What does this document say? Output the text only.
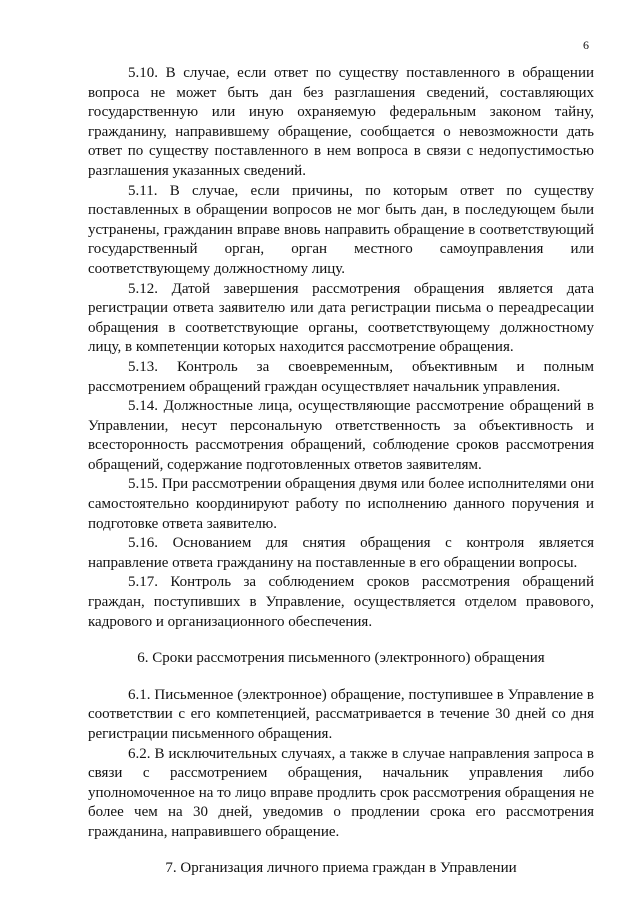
6

5.10. В случае, если ответ по существу поставленного в обращении вопроса не может быть дан без разглашения сведений, составляющих государственную или иную охраняемую федеральным законом тайну, гражданину, направившему обращение, сообщается о невозможности дать ответ по существу поставленного в нем вопроса в связи с недопустимостью разглашения указанных сведений.

5.11. В случае, если причины, по которым ответ по существу поставленных в обращении вопросов не мог быть дан, в последующем были устранены, гражданин вправе вновь направить обращение в соответствующий государственный орган, орган местного самоуправления или соответствующему должностному лицу.

5.12. Датой завершения рассмотрения обращения является дата регистрации ответа заявителю или дата регистрации письма о переадресации обращения в соответствующие органы, соответствующему должностному лицу, в компетенции которых находится рассмотрение обращения.

5.13. Контроль за своевременным, объективным и полным рассмотрением обращений граждан осуществляет начальник управления.

5.14. Должностные лица, осуществляющие рассмотрение обращений в Управлении, несут персональную ответственность за объективность и всесторонность рассмотрения обращений, соблюдение сроков рассмотрения обращений, содержание подготовленных ответов заявителям.

5.15. При рассмотрении обращения двумя или более исполнителями они самостоятельно координируют работу по исполнению данного поручения и подготовке ответа заявителю.

5.16. Основанием для снятия обращения с контроля является направление ответа гражданину на поставленные в его обращении вопросы.

5.17. Контроль за соблюдением сроков рассмотрения обращений граждан, поступивших в Управление, осуществляется отделом правового, кадрового и организационного обеспечения.

6. Сроки рассмотрения письменного (электронного) обращения

6.1. Письменное (электронное) обращение, поступившее в Управление в соответствии с его компетенцией, рассматривается в течение 30 дней со дня регистрации письменного обращения.

6.2. В исключительных случаях, а также в случае направления запроса в связи с рассмотрением обращения, начальник управления либо уполномоченное на то лицо вправе продлить срок рассмотрения обращения не более чем на 30 дней, уведомив о продлении срока его рассмотрения гражданина, направившего обращение.

7. Организация личного приема граждан в Управлении
